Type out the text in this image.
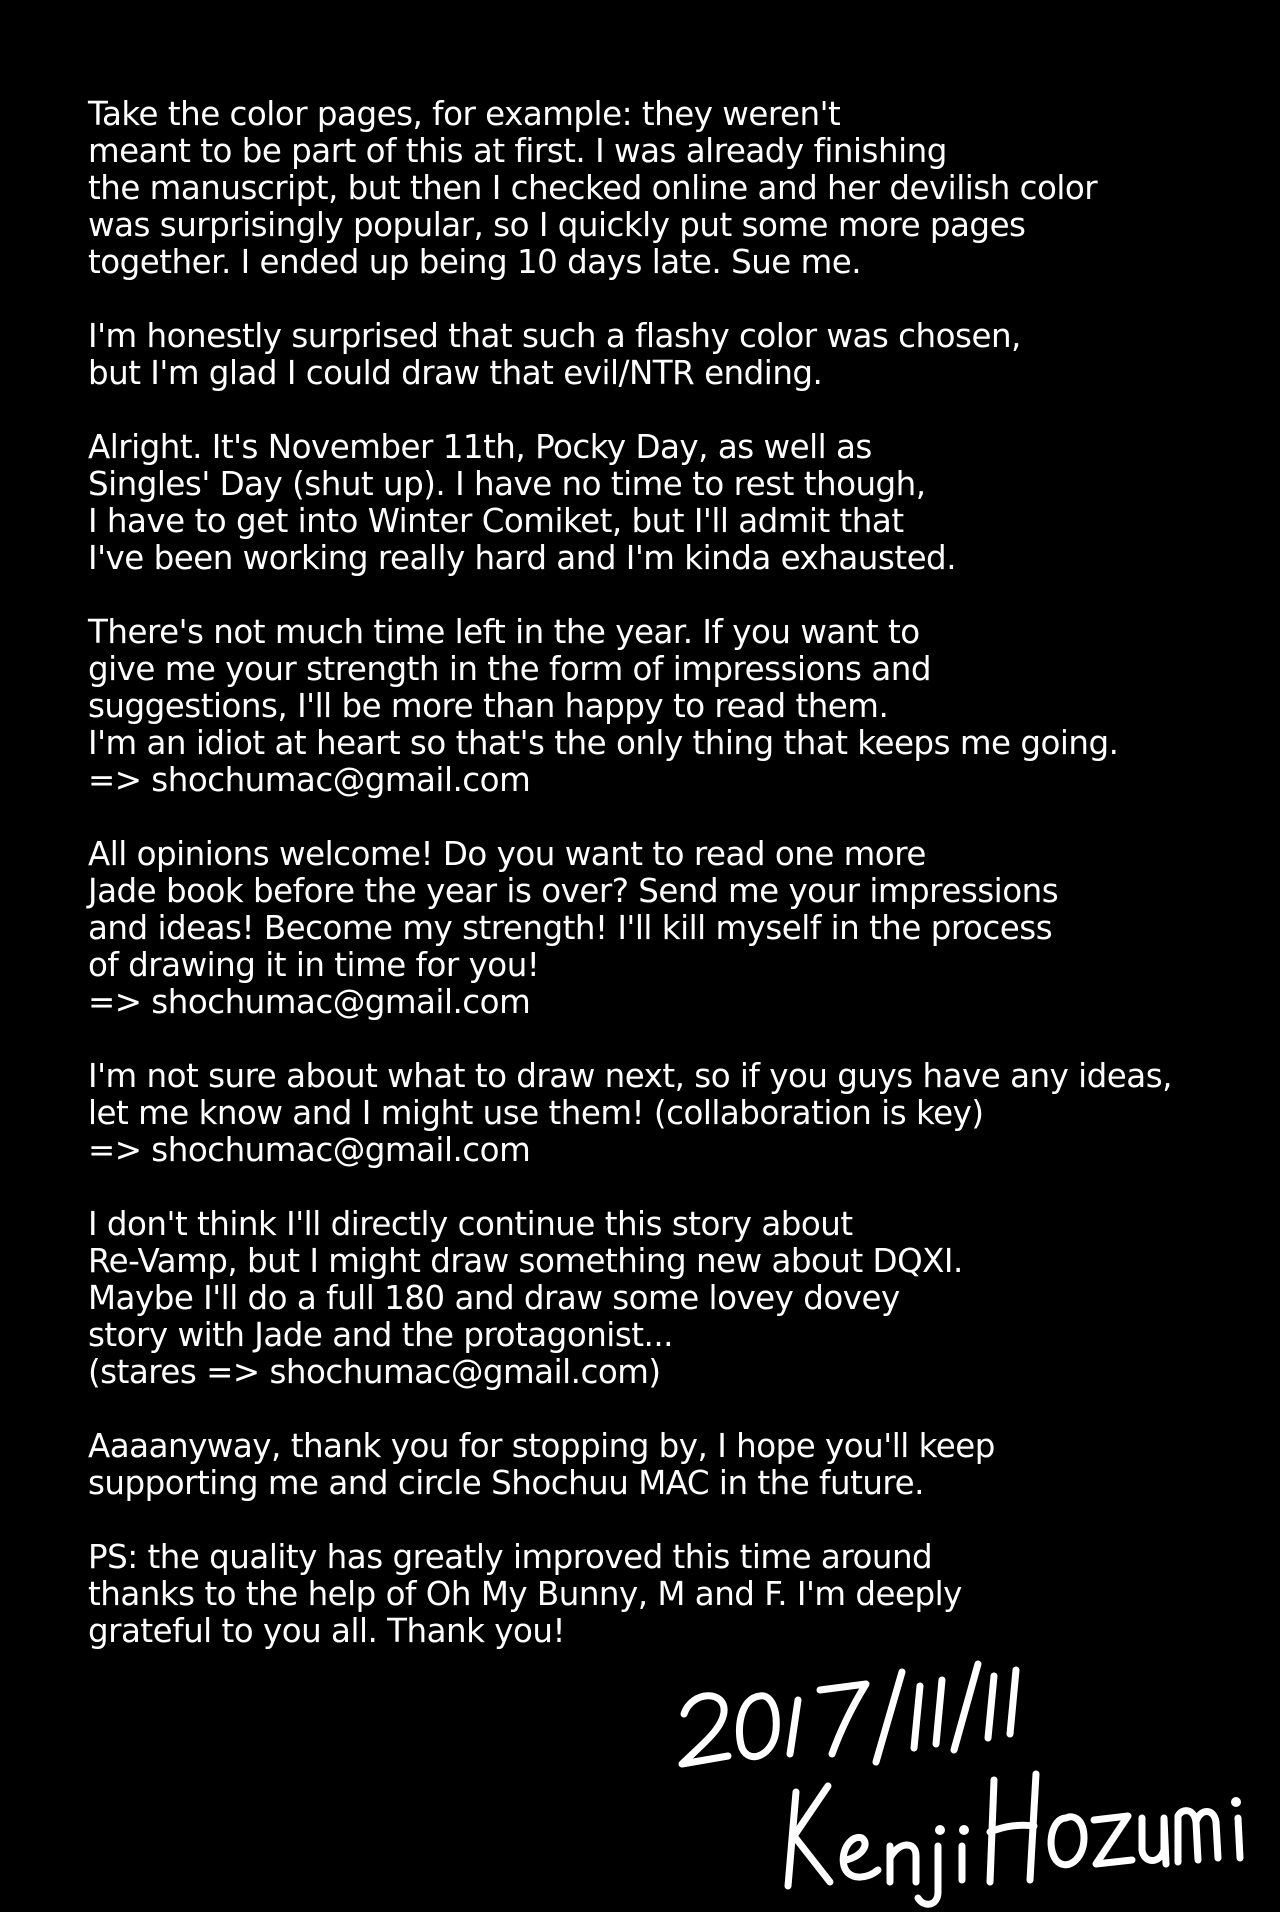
Take the color pages, for example: they weren't
meant to be part of this at first. I was already finishing
the manuscript, but then I checked online and her devilish color
was surprisingly popular, so I quickly put some more pages
together. I ended up being 10 days late. Sue me.
I'm honestly surprised that such a flashy color was chosen,
but I'm glad I could draw that evil/NTR ending.
Alright. It's November 11th, Pocky Day, as well as
Singles' Day (shut up). I have no time to rest though,
I have to get into Winter Comiket, but I'll admit that
I've been working really hard and I'm kinda exhausted.
There's not much time left in the year. If you want to
give me your strength in the form of impressions and
suggestions, I'll be more than happy to read them.
I'm an idiot at heart so that's the only thing that keeps me going.
=> shochumac@gmail.com
All opinions welcome! Do you want to read one more
Jade book before the year is over? Send me your impressions
and ideas! Become my strength! I'll kill myself in the process
of drawing it in time for you!
=> shochumac@gmail.com
I'm not sure about what to draw next, so if you guys have any ideas,
let me know and I might use them! (collaboration is key)
=> shochumac@gmail.com
I don't think I'll directly continue this story about
Re-Vamp, but I might draw something new about DQXI.
Maybe I'll do a full 180 and draw some lovey dovey
story with Jade and the protagonist...
(stares => shochumac@gmail.com)
Aaaanyway, thank you for stopping by, I hope you'll keep
supporting me and circle Shochuu MAC in the future.
PS: the quality has greatly improved this time around
thanks to the help of Oh My Bunny, M and F. I'm deeply
grateful to you all. Thank you!
